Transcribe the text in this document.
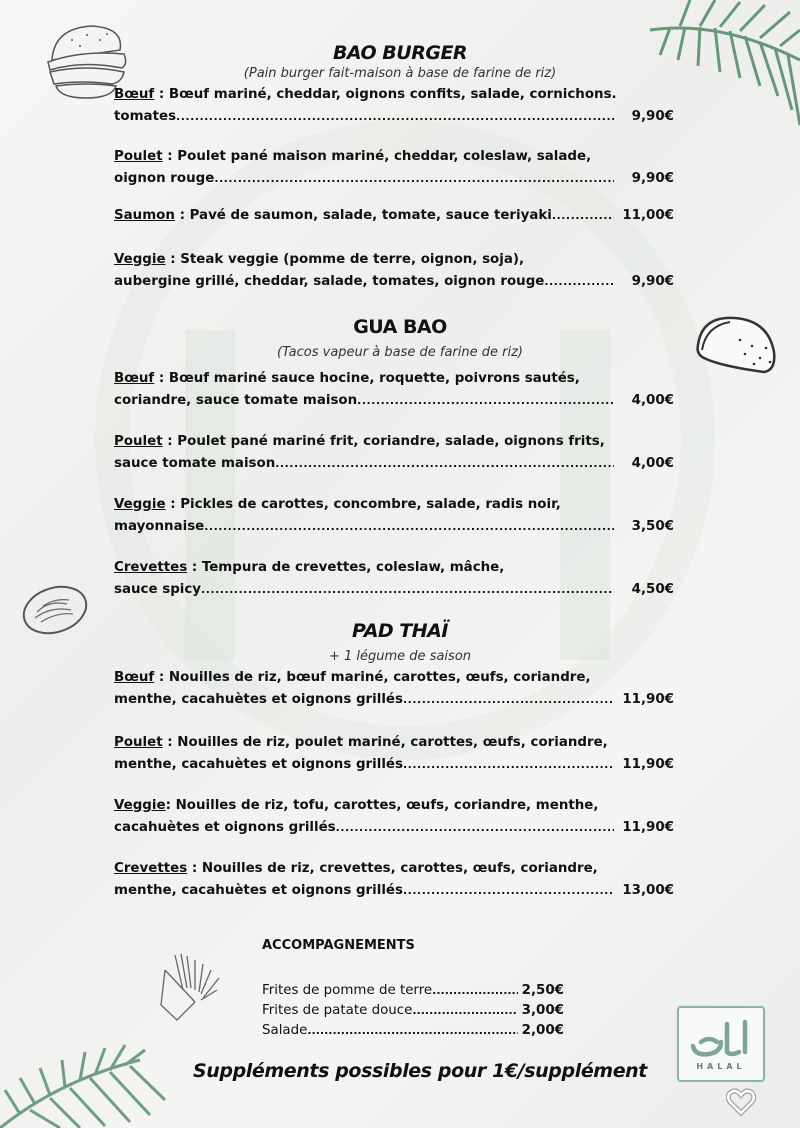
BAO BURGER
(Pain burger fait-maison à base de farine de riz)
Bœuf : Bœuf mariné, cheddar, oignons confits, salade, cornichons.
tomates .....	9,90€
Poulet : Poulet pané maison mariné, cheddar, coleslaw, salade,
oignon rouge .....	9,90€
Saumon : Pavé de saumon, salade, tomate, sauce teriyaki .....	11,00€
Veggie : Steak veggie (pomme de terre, oignon, soja),
aubergine grillé, cheddar, salade, tomates, oignon rouge .....	9,90€
GUA BAO
(Tacos vapeur à base de farine de riz)
Bœuf : Bœuf mariné sauce hocine, roquette, poivrons sautés,
coriandre, sauce tomate maison .....	4,00€
Poulet : Poulet pané mariné frit, coriandre, salade, oignons frits,
sauce tomate maison .....	4,00€
Veggie : Pickles de carottes, concombre, salade, radis noir,
mayonnaise .....	3,50€
Crevettes : Tempura de crevettes, coleslaw, mâche,
sauce spicy .....	4,50€
PAD THAÏ
+ 1 légume de saison
Bœuf : Nouilles de riz, bœuf mariné, carottes, œufs, coriandre,
menthe, cacahuètes et oignons grillés .....	11,90€
Poulet : Nouilles de riz, poulet mariné, carottes, œufs, coriandre,
menthe, cacahuètes et oignons grillés .....	11,90€
Veggie: Nouilles de riz, tofu, carottes, œufs, coriandre, menthe,
cacahuètes et oignons grillés .....	11,90€
Crevettes : Nouilles de riz, crevettes, carottes, œufs, coriandre,
menthe, cacahuètes et oignons grillés .....	13,00€
ACCOMPAGNEMENTS
Frites de pomme de terre .....	2,50€
Frites de patate douce .....	3,00€
Salade .....	2,00€
Suppléments possibles pour 1€/supplément	HALAL
